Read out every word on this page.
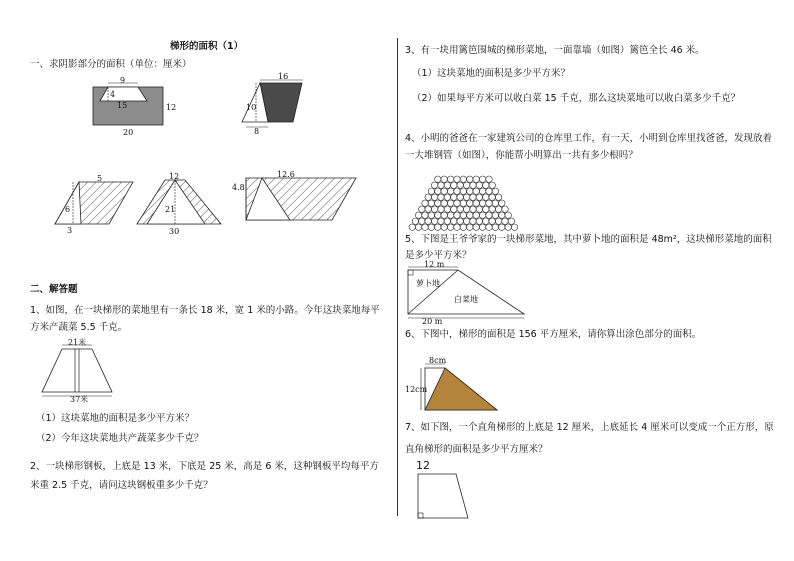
梯形的面积（1）
一、求阴影部分的面积（单位：厘米）
9
4
15	12
20
16
10
8
5
6
3
12
21
30
12.6
4.8
二、解答题
1、如图，在一块梯形的菜地里有一条长 18 米，宽 1 米的小路。今年这块菜地每平方米产蔬菜 5.5 千克。
21米
37米
（1）这块菜地的面积是多少平方米？
（2）今年这块菜地共产蔬菜多少千克？
2、一块梯形钢板，上底是 13 米，下底是 25 米，高是 6 米，这种钢板平均每平方米重 2.5 千克，请问这块钢板重多少千克？
3、有一块用篱笆围城的梯形菜地，一面靠墙（如图）篱笆全长 46 米。
（1）这块菜地的面积是多少平方米？
（2）如果每平方米可以收白菜 15 千克，那么这块菜地可以收白菜多少千克？
4、小明的爸爸在一家建筑公司的仓库里工作，有一天，小明到仓库里找爸爸，发现放着一大堆钢管（如图），你能帮小明算出一共有多少根吗？
5、下图是王爷爷家的一块梯形菜地，其中萝卜地的面积是 48m²，这块梯形菜地的面积是多少平方米？
12 m
萝卜地
白菜地
20 m
6、下图中，梯形的面积是 156 平方厘米，请你算出涂色部分的面积。
8cm
12cm
7、如下图，一个直角梯形的上底是 12 厘米，上底延长 4 厘米可以变成一个正方形，原直角梯形的面积是多少平方厘米？
12
